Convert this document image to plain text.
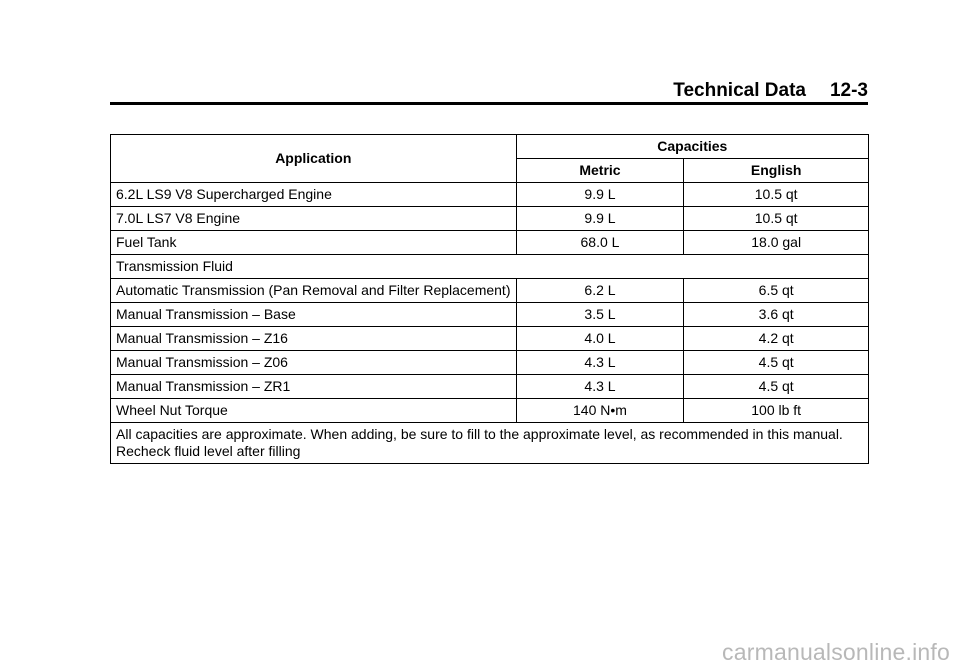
Technical Data 12-3
Application	Capacities	
	Metric	English
6.2L LS9 V8 Supercharged Engine	9.9 L	10.5 qt
7.0L LS7 V8 Engine	9.9 L	10.5 qt
Fuel Tank	68.0 L	18.0 gal
Transmission Fluid		
Automatic Transmission (Pan Removal and Filter Replacement)	6.2 L	6.5 qt
Manual Transmission – Base	3.5 L	3.6 qt
Manual Transmission – Z16	4.0 L	4.2 qt
Manual Transmission – Z06	4.3 L	4.5 qt
Manual Transmission – ZR1	4.3 L	4.5 qt
Wheel Nut Torque	140 N•m	100 lb ft
All capacities are approximate. When adding, be sure to fill to the approximate level, as recommended in this manual. Recheck fluid level after filling		
carmanualsonline.info
